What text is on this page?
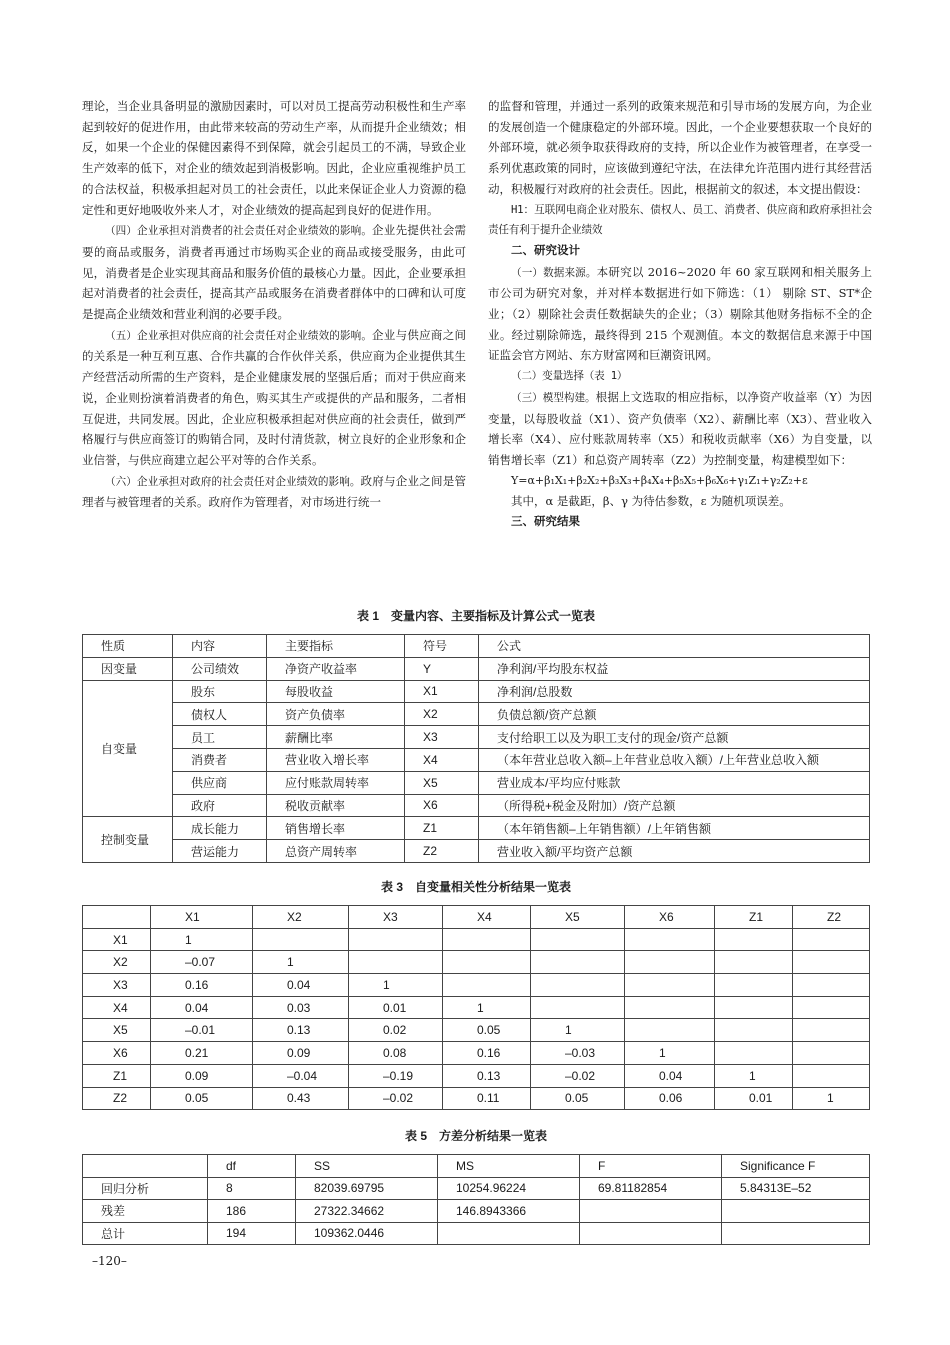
理论，当企业具备明显的激励因素时，可以对员工提高劳动积极性和生产率起到较好的促进作用，由此带来较高的劳动生产率，从而提升企业绩效；相反，如果一个企业的保健因素得不到保障，就会引起员工的不满，导致企业生产效率的低下，对企业的绩效起到消极影响。因此，企业应重视维护员工的合法权益，积极承担起对员工的社会责任，以此来保证企业人力资源的稳定性和更好地吸收外来人才，对企业绩效的提高起到良好的促进作用。

（四）企业承担对消费者的社会责任对企业绩效的影响。企业先提供社会需要的商品或服务，消费者再通过市场购买企业的商品或接受服务，由此可见，消费者是企业实现其商品和服务价值的最核心力量。因此，企业要承担起对消费者的社会责任，提高其产品或服务在消费者群体中的口碑和认可度是提高企业绩效和营业利润的必要手段。

（五）企业承担对供应商的社会责任对企业绩效的影响。企业与供应商之间的关系是一种互利互惠、合作共赢的合作伙伴关系，供应商为企业提供其生产经营活动所需的生产资料，是企业健康发展的坚强后盾；而对于供应商来说，企业则扮演着消费者的角色，购买其生产或提供的产品和服务，二者相互促进，共同发展。因此，企业应积极承担起对供应商的社会责任，做到严格履行与供应商签订的购销合同，及时付清货款，树立良好的企业形象和企业信誉，与供应商建立起公平对等的合作关系。

（六）企业承担对政府的社会责任对企业绩效的影响。政府与企业之间是管理者与被管理者的关系。政府作为管理者，对市场进行统一

的监督和管理，并通过一系列的政策来规范和引导市场的发展方向，为企业的发展创造一个健康稳定的外部环境。因此，一个企业要想获取一个良好的外部环境，就必须争取获得政府的支持，所以企业作为被管理者，在享受一系列优惠政策的同时，应该做到遵纪守法，在法律允许范围内进行其经营活动，积极履行对政府的社会责任。因此，根据前文的叙述，本文提出假设：

H1：互联网电商企业对股东、债权人、员工、消费者、供应商和政府承担社会责任有利于提升企业绩效

二、研究设计

（一）数据来源。本研究以 2016~2020 年 60 家互联网和相关服务上市公司为研究对象，并对样本数据进行如下筛选：（1） 剔除 ST、ST*企业；（2）剔除社会责任数据缺失的企业；（3）剔除其他财务指标不全的企业。经过剔除筛选，最终得到 215 个观测值。本文的数据信息来源于中国证监会官方网站、东方财富网和巨潮资讯网。

（二）变量选择（表 1）

（三）模型构建。根据上文选取的相应指标，以净资产收益率（Y）为因变量，以每股收益（X1）、资产负债率（X2）、薪酬比率（X3）、营业收入增长率（X4）、应付账款周转率（X5）和税收贡献率（X6）为自变量，以销售增长率（Z1）和总资产周转率（Z2）为控制变量，构建模型如下：

Y=α+β₁X₁+β₂X₂+β₃X₃+β₄X₄+β₅X₅+β₆X₆+γ₁Z₁+γ₂Z₂+ε

其中，α 是截距，β、γ 为待估参数，ε 为随机项误差。

三、研究结果

表 1　变量内容、主要指标及计算公式一览表
性质	内容	主要指标	符号	公式
因变量	公司绩效	净资产收益率	Y	净利润/平均股东权益
自变量	股东	每股收益	X1	净利润/总股数
	债权人	资产负债率	X2	负债总额/资产总额
	员工	薪酬比率	X3	支付给职工以及为职工支付的现金/资产总额
	消费者	营业收入增长率	X4	（本年营业总收入额–上年营业总收入额）/上年营业总收入额
	供应商	应付账款周转率	X5	营业成本/平均应付账款
	政府	税收贡献率	X6	（所得税+税金及附加）/资产总额
控制变量	成长能力	销售增长率	Z1	（本年销售额–上年销售额）/上年销售额
	营运能力	总资产周转率	Z2	营业收入额/平均资产总额
表 3　自变量相关性分析结果一览表
	X1	X2	X3	X4	X5	X6	Z1	Z2
X1	1							
X2	–0.07	1						
X3	0.16	0.04	1					
X4	0.04	0.03	0.01	1				
X5	–0.01	0.13	0.02	0.05	1			
X6	0.21	0.09	0.08	0.16	–0.03	1		
Z1	0.09	–0.04	–0.19	0.13	–0.02	0.04	1	
Z2	0.05	0.43	–0.02	0.11	0.05	0.06	0.01	1
表 5　方差分析结果一览表
	df	SS	MS	F	Significance F
回归分析	8	82039.69795	10254.96224	69.81182854	5.84313E–52
残差	186	27322.34662	146.8943366		
总计	194	109362.0446			
–120–
